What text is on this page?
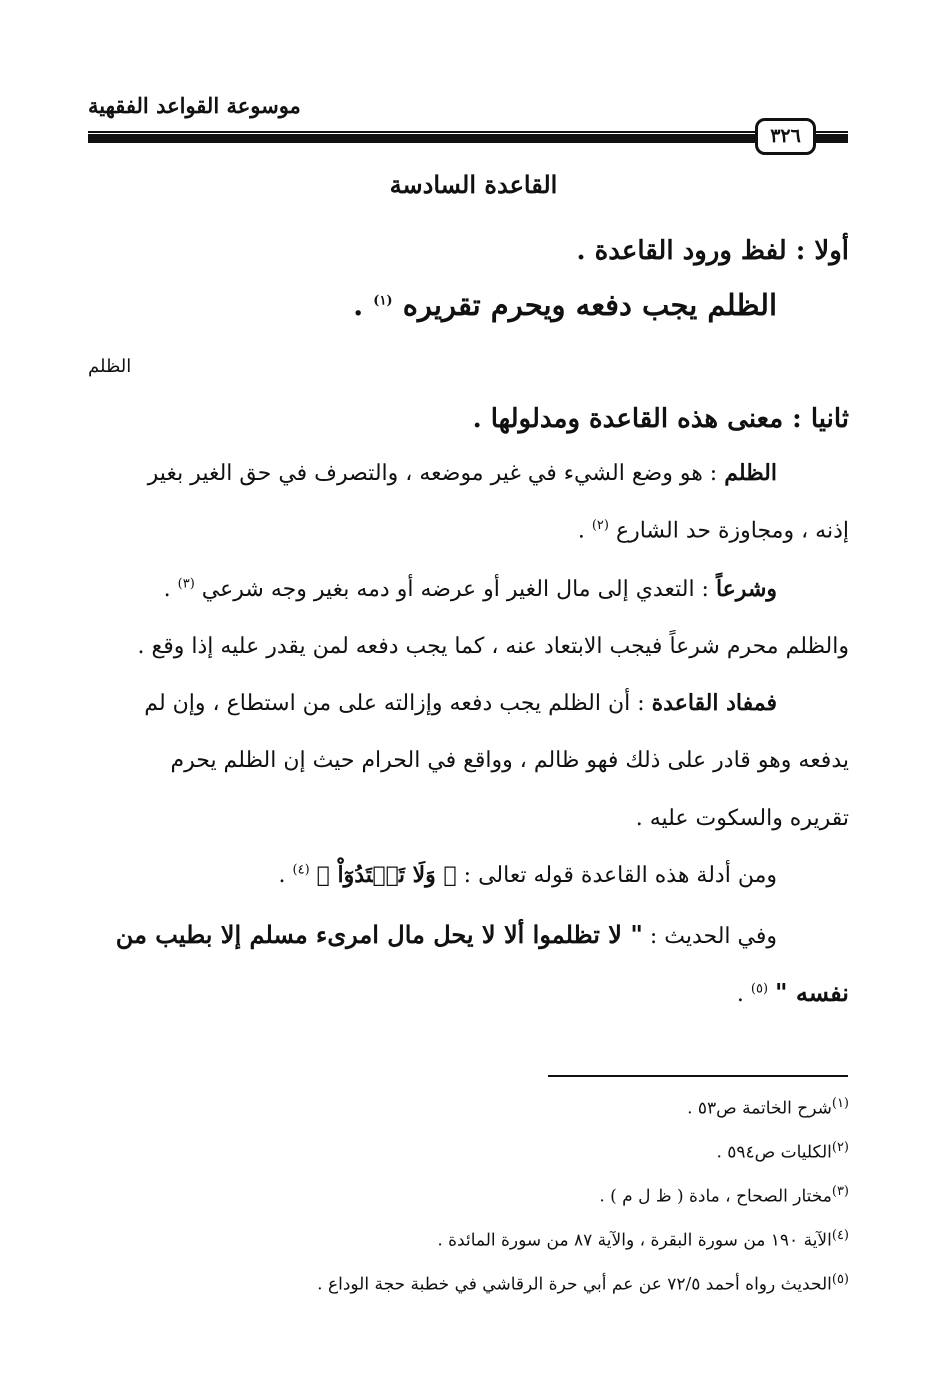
موسوعة القواعد الفقهية
٣٢٦
القاعدة السادسة
أولا : لفظ ورود القاعدة .
الظلم يجب دفعه ويحرم تقريره $^{(١)}$ .
الظلم
ثانيا : معنى هذه القاعدة ومدلولها .
الظلم : هو وضع الشيء في غير موضعه ، والتصرف في حق الغير بغير
إذنه ، ومجاوزة حد الشارع $^{(٢)}$ .
وشرعاً : التعدي إلى مال الغير أو عرضه أو دمه بغير وجه شرعي $^{(٣)}$ .
والظلم محرم شرعاً فيجب الابتعاد عنه ، كما يجب دفعه لمن يقدر عليه إذا وقع .
فمفاد القاعدة : أن الظلم يجب دفعه وإزالته على من استطاع ، وإن لم
يدفعه وهو قادر على ذلك فهو ظالم ، وواقع في الحرام حيث إن الظلم يحرم
تقريره والسكوت عليه .
ومن أدلة هذه القاعدة قوله تعالى : ﴿ وَلَا تَعۡتَدُوٓاْ ﴾ $^{(٤)}$ .
وفي الحديث : " لا تظلموا ألا لا يحل مال امرىء مسلم إلا بطيب من
نفسه " $^{(٥)}$ .
$^{(١)}$شرح الخاتمة ص٥٣ .
$^{(٢)}$الكليات ص٥٩٤ .
$^{(٣)}$مختار الصحاح ، مادة ( ظ ل م ) .
$^{(٤)}$الآية ١٩٠ من سورة البقرة ، والآية ٨٧ من سورة المائدة .
$^{(٥)}$الحديث رواه أحمد ٧٢/٥ عن عم أبي حرة الرقاشي في خطبة حجة الوداع .
